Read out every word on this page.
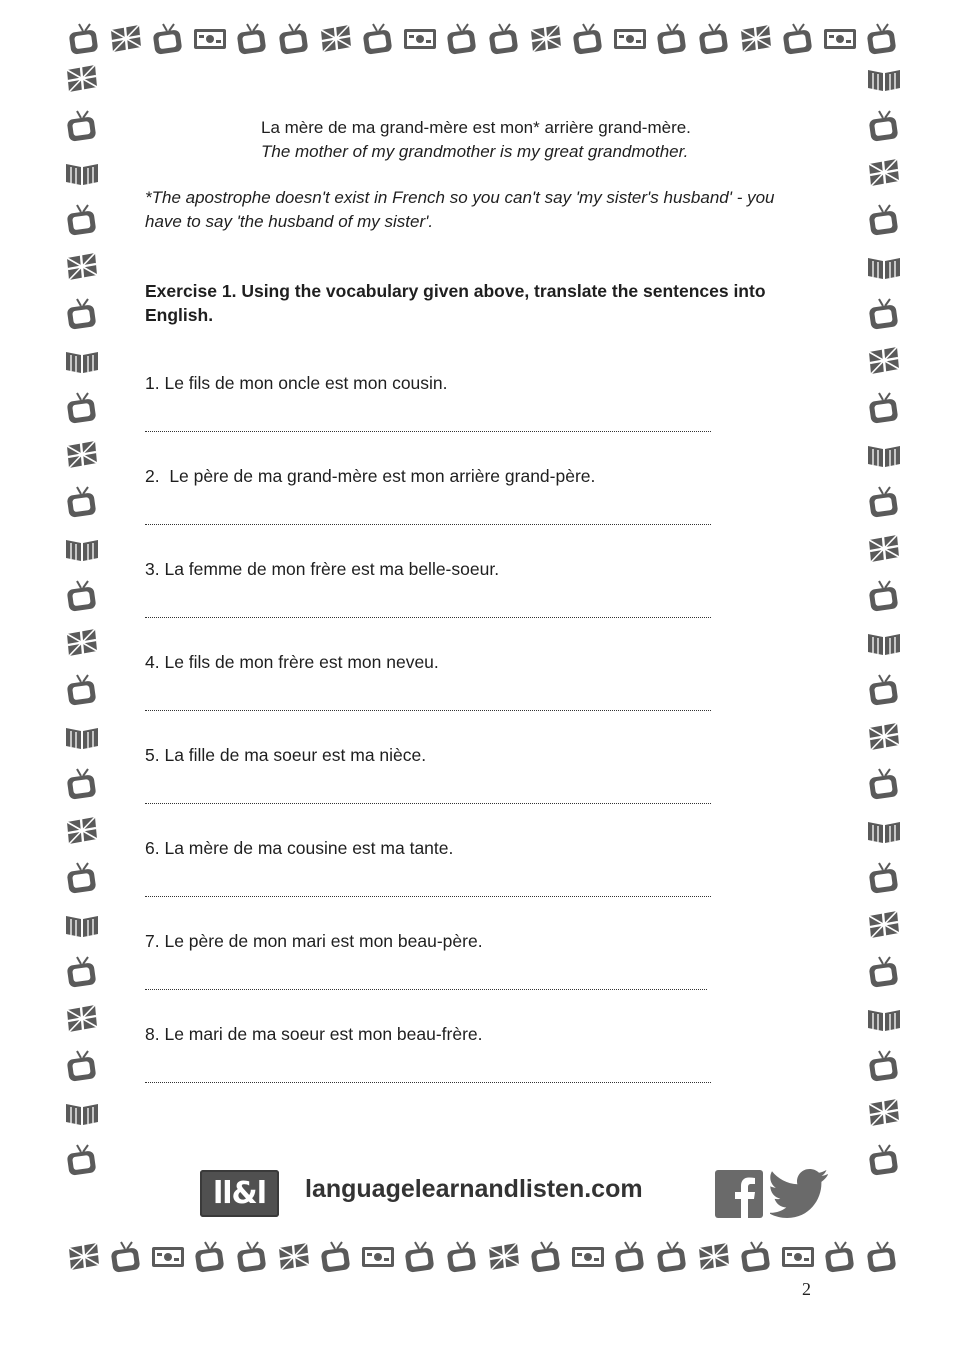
La mère de ma grand-mère est mon* arrière grand-mère.
The mother of my grandmother is my great grandmother.
*The apostrophe doesn't exist in French so you can't say 'my sister's husband' - you
have to say 'the husband of my sister'.
Exercise 1. Using the vocabulary given above, translate the sentences into
English.
1. Le fils de mon oncle est mon cousin.
2.  Le père de ma grand-mère est mon arrière grand-père.
3. La femme de mon frère est ma belle-soeur.
4. Le fils de mon frère est mon neveu.
5. La fille de ma soeur est ma nièce.
6. La mère de ma cousine est ma tante.
7. Le père de mon mari est mon beau-père.
8. Le mari de ma soeur est mon beau-frère.
ll&l	languagelearnandlisten.com
2
